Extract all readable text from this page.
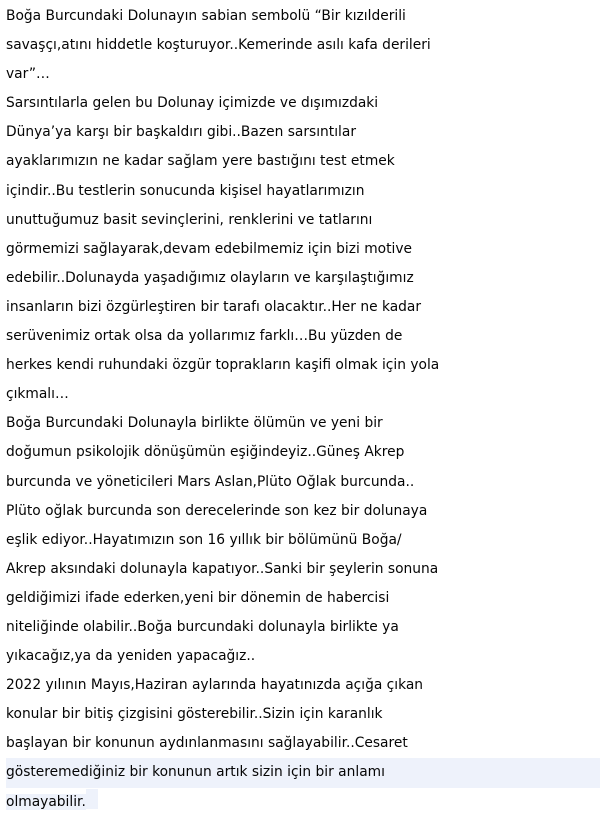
Boğa Burcundaki Dolunayın sabian sembolü “Bir kızılderili

savaşçı,atını hiddetle koşturuyor..Kemerinde asılı kafa derileri

var”…

Sarsıntılarla gelen bu Dolunay içimizde ve dışımızdaki

Dünya’ya karşı bir başkaldırı gibi..Bazen sarsıntılar

ayaklarımızın ne kadar sağlam yere bastığını test etmek

içindir..Bu testlerin sonucunda kişisel hayatlarımızın

unuttuğumuz basit sevinçlerini, renklerini ve tatlarını

görmemizi sağlayarak,devam edebilmemiz için bizi motive

edebilir..Dolunayda yaşadığımız olayların ve karşılaştığımız

insanların bizi özgürleştiren bir tarafı olacaktır..Her ne kadar

serüvenimiz ortak olsa da yollarımız farklı…Bu yüzden de

herkes kendi ruhundaki özgür toprakların kaşifi olmak için yola

çıkmalı…

Boğa Burcundaki Dolunayla birlikte ölümün ve yeni bir

doğumun psikolojik dönüşümün eşiğindeyiz..Güneş Akrep

burcunda ve yöneticileri Mars Aslan,Plüto Oğlak burcunda..

Plüto oğlak burcunda son derecelerinde son kez bir dolunaya

eşlik ediyor..Hayatımızın son 16 yıllık bir bölümünü Boğa/

Akrep aksındaki dolunayla kapatıyor..Sanki bir şeylerin sonuna

geldiğimizi ifade ederken,yeni bir dönemin de habercisi

niteliğinde olabilir..Boğa burcundaki dolunayla birlikte ya

yıkacağız,ya da yeniden yapacağız..

2022 yılının Mayıs,Haziran aylarında hayatınızda açığa çıkan

konular bir bitiş çizgisini gösterebilir..Sizin için karanlık

başlayan bir konunun aydınlanmasını sağlayabilir..Cesaret

gösteremediğiniz bir konunun artık sizin için bir anlamı

olmayabilir.
